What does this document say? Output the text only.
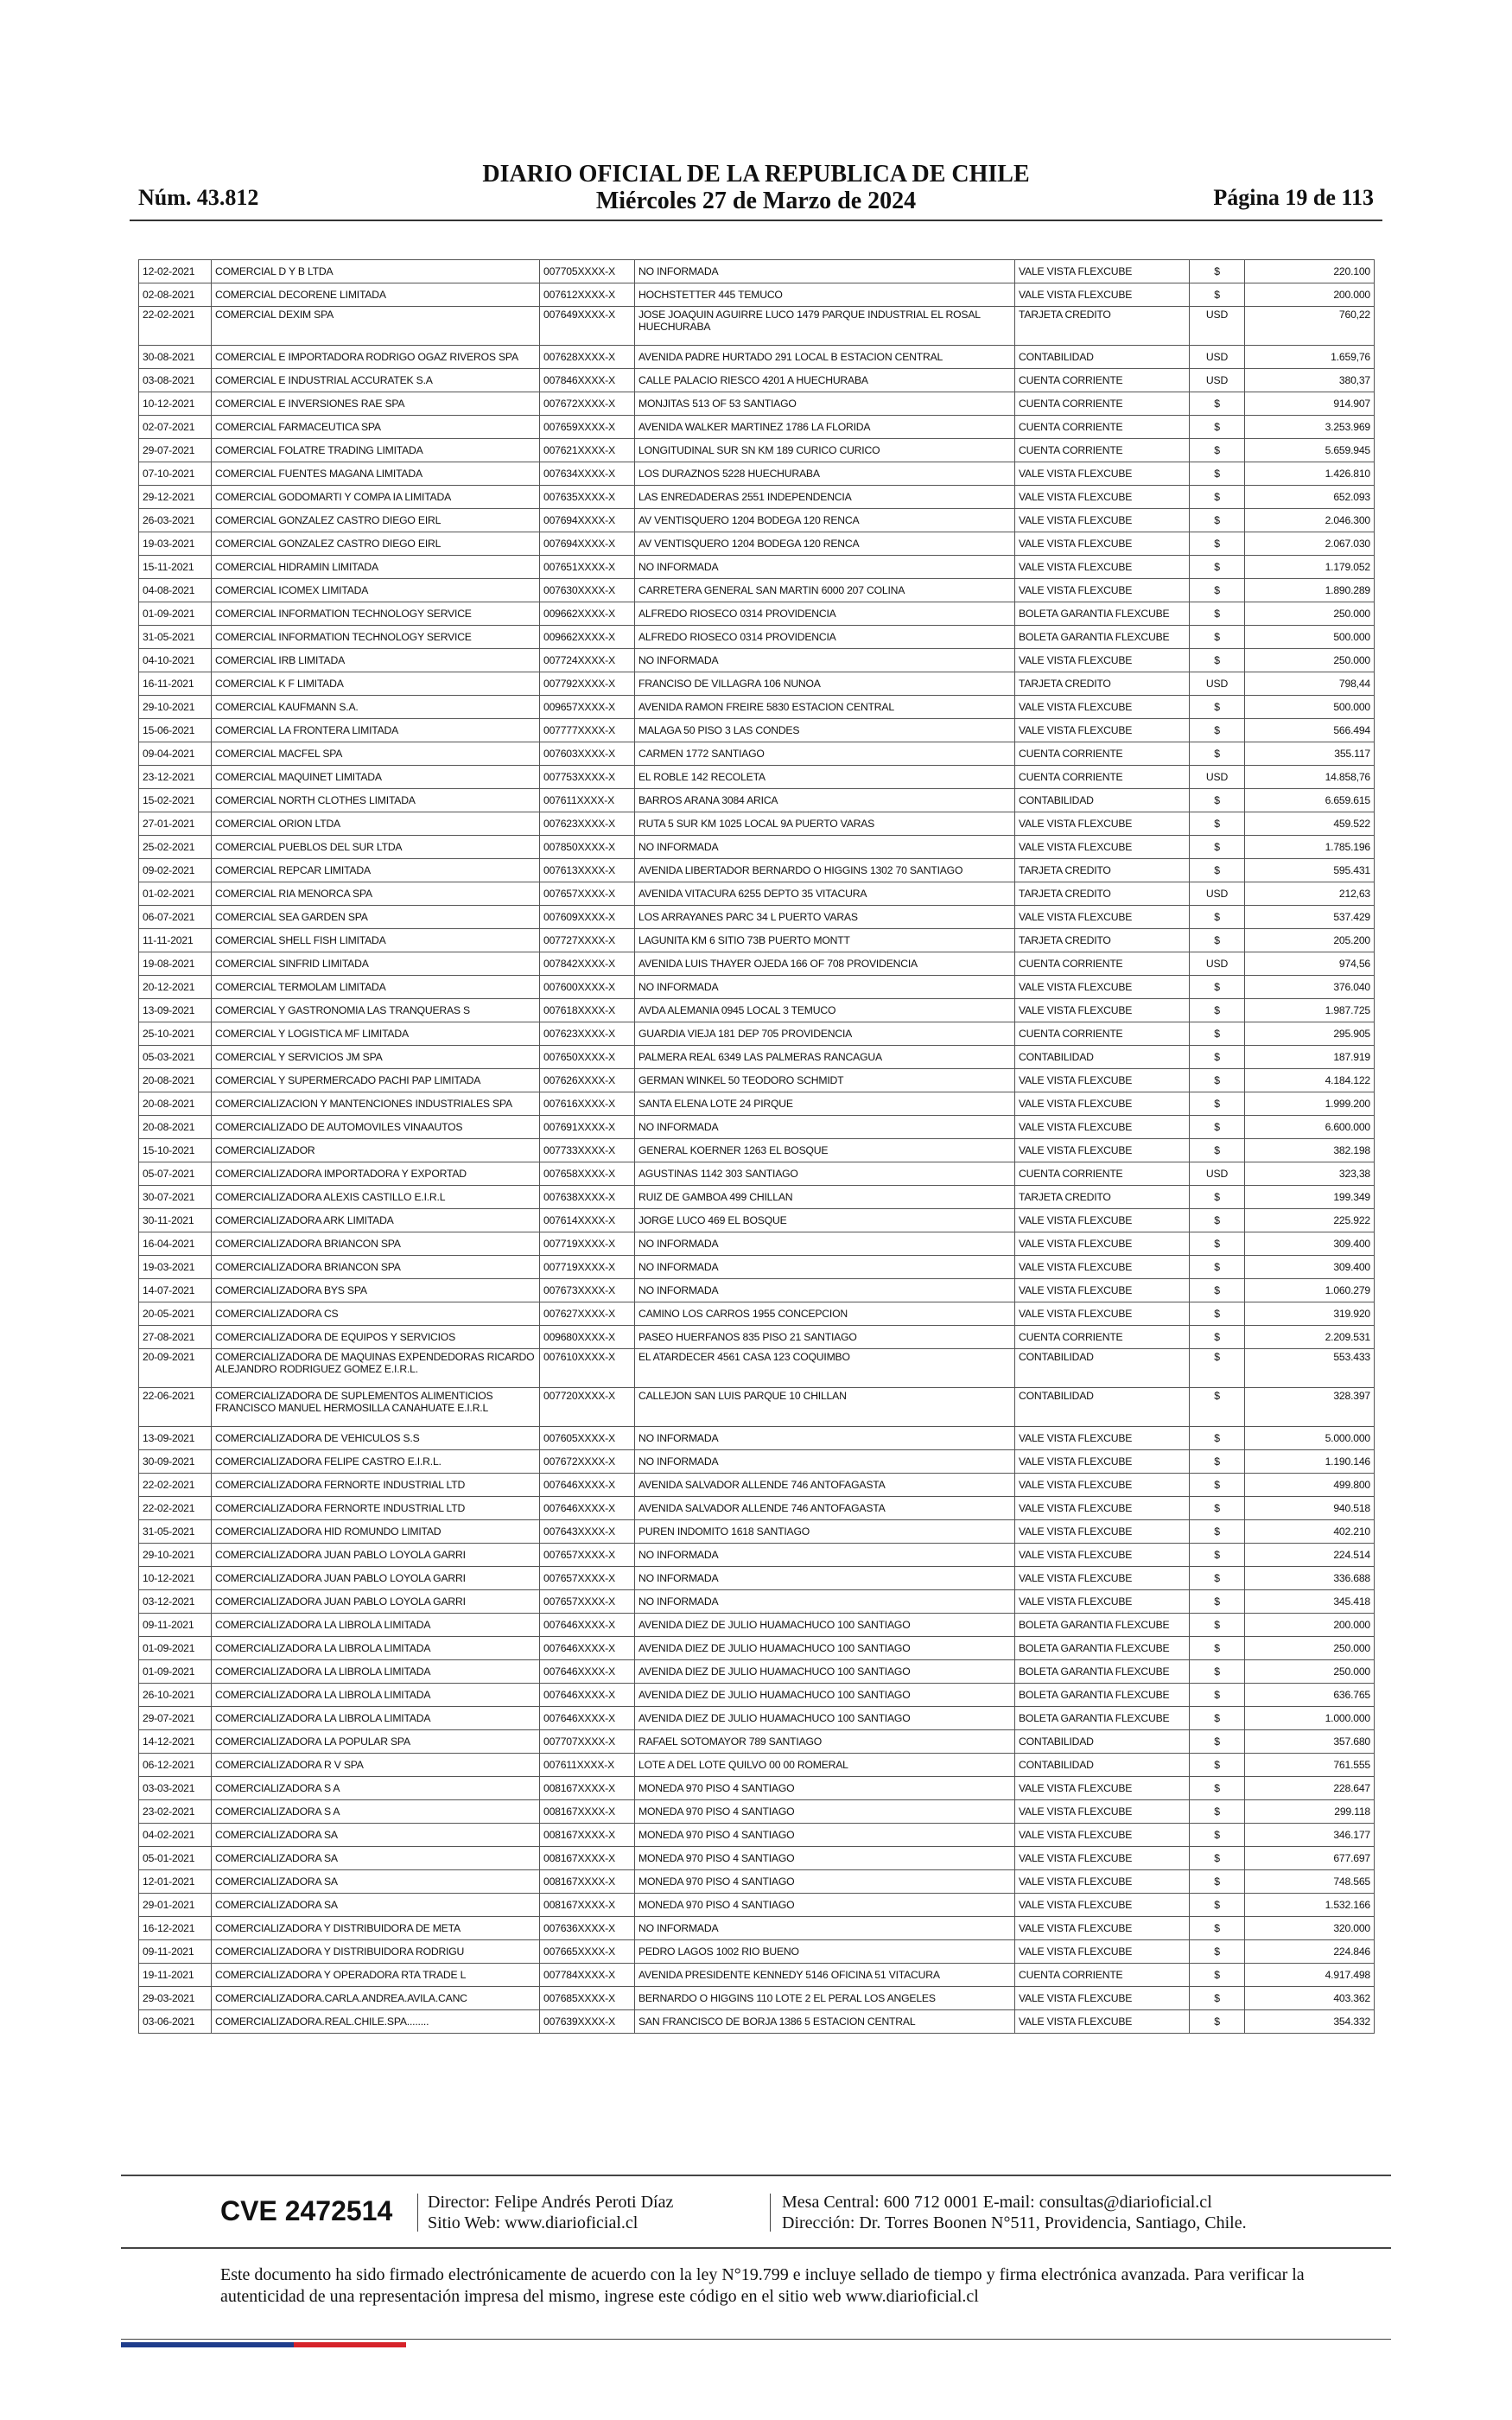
Núm. 43.812
DIARIO OFICIAL DE LA REPUBLICA DE CHILE
Miércoles 27 de Marzo de 2024	Página 19 de 113
12-02-2021	COMERCIAL D Y B LTDA	007705XXXX-X	NO INFORMADA	VALE VISTA FLEXCUBE	$	220.100
02-08-2021	COMERCIAL DECORENE LIMITADA	007612XXXX-X	HOCHSTETTER 445 TEMUCO	VALE VISTA FLEXCUBE	$	200.000
22-02-2021	COMERCIAL DEXIM SPA	007649XXXX-X	JOSE JOAQUIN AGUIRRE LUCO 1479 PARQUE INDUSTRIAL EL ROSAL HUECHURABA	TARJETA CREDITO	USD	760,22
30-08-2021	COMERCIAL E IMPORTADORA RODRIGO OGAZ RIVEROS SPA	007628XXXX-X	AVENIDA PADRE HURTADO 291 LOCAL B ESTACION CENTRAL	CONTABILIDAD	USD	1.659,76
03-08-2021	COMERCIAL E INDUSTRIAL ACCURATEK S.A	007846XXXX-X	CALLE PALACIO RIESCO 4201 A HUECHURABA	CUENTA CORRIENTE	USD	380,37
10-12-2021	COMERCIAL E INVERSIONES RAE SPA	007672XXXX-X	MONJITAS 513 OF 53 SANTIAGO	CUENTA CORRIENTE	$	914.907
02-07-2021	COMERCIAL FARMACEUTICA SPA	007659XXXX-X	AVENIDA WALKER MARTINEZ 1786 LA FLORIDA	CUENTA CORRIENTE	$	3.253.969
29-07-2021	COMERCIAL FOLATRE TRADING LIMITADA	007621XXXX-X	LONGITUDINAL SUR SN KM 189 CURICO CURICO	CUENTA CORRIENTE	$	5.659.945
07-10-2021	COMERCIAL FUENTES MAGANA LIMITADA	007634XXXX-X	LOS DURAZNOS 5228 HUECHURABA	VALE VISTA FLEXCUBE	$	1.426.810
29-12-2021	COMERCIAL GODOMARTI Y COMPA IA LIMITADA	007635XXXX-X	LAS ENREDADERAS 2551 INDEPENDENCIA	VALE VISTA FLEXCUBE	$	652.093
26-03-2021	COMERCIAL GONZALEZ CASTRO DIEGO EIRL	007694XXXX-X	AV VENTISQUERO 1204 BODEGA 120 RENCA	VALE VISTA FLEXCUBE	$	2.046.300
19-03-2021	COMERCIAL GONZALEZ CASTRO DIEGO EIRL	007694XXXX-X	AV VENTISQUERO 1204 BODEGA 120 RENCA	VALE VISTA FLEXCUBE	$	2.067.030
15-11-2021	COMERCIAL HIDRAMIN LIMITADA	007651XXXX-X	NO INFORMADA	VALE VISTA FLEXCUBE	$	1.179.052
04-08-2021	COMERCIAL ICOMEX LIMITADA	007630XXXX-X	CARRETERA GENERAL SAN MARTIN 6000 207 COLINA	VALE VISTA FLEXCUBE	$	1.890.289
01-09-2021	COMERCIAL INFORMATION TECHNOLOGY SERVICE	009662XXXX-X	ALFREDO RIOSECO 0314 PROVIDENCIA	BOLETA GARANTIA FLEXCUBE	$	250.000
31-05-2021	COMERCIAL INFORMATION TECHNOLOGY SERVICE	009662XXXX-X	ALFREDO RIOSECO 0314 PROVIDENCIA	BOLETA GARANTIA FLEXCUBE	$	500.000
04-10-2021	COMERCIAL IRB LIMITADA	007724XXXX-X	NO INFORMADA	VALE VISTA FLEXCUBE	$	250.000
16-11-2021	COMERCIAL K F LIMITADA	007792XXXX-X	FRANCISO DE VILLAGRA 106 NUNOA	TARJETA CREDITO	USD	798,44
29-10-2021	COMERCIAL KAUFMANN S.A.	009657XXXX-X	AVENIDA RAMON FREIRE 5830 ESTACION CENTRAL	VALE VISTA FLEXCUBE	$	500.000
15-06-2021	COMERCIAL LA FRONTERA LIMITADA	007777XXXX-X	MALAGA 50 PISO 3 LAS CONDES	VALE VISTA FLEXCUBE	$	566.494
09-04-2021	COMERCIAL MACFEL SPA	007603XXXX-X	CARMEN 1772 SANTIAGO	CUENTA CORRIENTE	$	355.117
23-12-2021	COMERCIAL MAQUINET LIMITADA	007753XXXX-X	EL ROBLE 142 RECOLETA	CUENTA CORRIENTE	USD	14.858,76
15-02-2021	COMERCIAL NORTH CLOTHES LIMITADA	007611XXXX-X	BARROS ARANA 3084 ARICA	CONTABILIDAD	$	6.659.615
27-01-2021	COMERCIAL ORION LTDA	007623XXXX-X	RUTA 5 SUR KM 1025 LOCAL 9A PUERTO VARAS	VALE VISTA FLEXCUBE	$	459.522
25-02-2021	COMERCIAL PUEBLOS DEL SUR LTDA	007850XXXX-X	NO INFORMADA	VALE VISTA FLEXCUBE	$	1.785.196
09-02-2021	COMERCIAL REPCAR LIMITADA	007613XXXX-X	AVENIDA LIBERTADOR BERNARDO O HIGGINS 1302 70 SANTIAGO	TARJETA CREDITO	$	595.431
01-02-2021	COMERCIAL RIA MENORCA SPA	007657XXXX-X	AVENIDA VITACURA 6255 DEPTO 35 VITACURA	TARJETA CREDITO	USD	212,63
06-07-2021	COMERCIAL SEA GARDEN SPA	007609XXXX-X	LOS ARRAYANES PARC 34 L PUERTO VARAS	VALE VISTA FLEXCUBE	$	537.429
11-11-2021	COMERCIAL SHELL FISH LIMITADA	007727XXXX-X	LAGUNITA KM 6 SITIO 73B PUERTO MONTT	TARJETA CREDITO	$	205.200
19-08-2021	COMERCIAL SINFRID LIMITADA	007842XXXX-X	AVENIDA LUIS THAYER OJEDA 166 OF 708 PROVIDENCIA	CUENTA CORRIENTE	USD	974,56
20-12-2021	COMERCIAL TERMOLAM LIMITADA	007600XXXX-X	NO INFORMADA	VALE VISTA FLEXCUBE	$	376.040
13-09-2021	COMERCIAL Y GASTRONOMIA LAS TRANQUERAS S	007618XXXX-X	AVDA ALEMANIA 0945 LOCAL 3 TEMUCO	VALE VISTA FLEXCUBE	$	1.987.725
25-10-2021	COMERCIAL Y LOGISTICA MF LIMITADA	007623XXXX-X	GUARDIA VIEJA 181 DEP 705 PROVIDENCIA	CUENTA CORRIENTE	$	295.905
05-03-2021	COMERCIAL Y SERVICIOS JM SPA	007650XXXX-X	PALMERA REAL 6349 LAS PALMERAS RANCAGUA	CONTABILIDAD	$	187.919
20-08-2021	COMERCIAL Y SUPERMERCADO PACHI PAP LIMITADA	007626XXXX-X	GERMAN WINKEL 50 TEODORO SCHMIDT	VALE VISTA FLEXCUBE	$	4.184.122
20-08-2021	COMERCIALIZACION Y MANTENCIONES INDUSTRIALES SPA	007616XXXX-X	SANTA ELENA LOTE 24 PIRQUE	VALE VISTA FLEXCUBE	$	1.999.200
20-08-2021	COMERCIALIZADO DE AUTOMOVILES VINAAUTOS	007691XXXX-X	NO INFORMADA	VALE VISTA FLEXCUBE	$	6.600.000
15-10-2021	COMERCIALIZADOR	007733XXXX-X	GENERAL KOERNER 1263 EL BOSQUE	VALE VISTA FLEXCUBE	$	382.198
05-07-2021	COMERCIALIZADORA IMPORTADORA Y EXPORTAD	007658XXXX-X	AGUSTINAS 1142 303 SANTIAGO	CUENTA CORRIENTE	USD	323,38
30-07-2021	COMERCIALIZADORA ALEXIS CASTILLO E.I.R.L	007638XXXX-X	RUIZ DE GAMBOA 499 CHILLAN	TARJETA CREDITO	$	199.349
30-11-2021	COMERCIALIZADORA ARK LIMITADA	007614XXXX-X	JORGE LUCO 469 EL BOSQUE	VALE VISTA FLEXCUBE	$	225.922
16-04-2021	COMERCIALIZADORA BRIANCON SPA	007719XXXX-X	NO INFORMADA	VALE VISTA FLEXCUBE	$	309.400
19-03-2021	COMERCIALIZADORA BRIANCON SPA	007719XXXX-X	NO INFORMADA	VALE VISTA FLEXCUBE	$	309.400
14-07-2021	COMERCIALIZADORA BYS SPA	007673XXXX-X	NO INFORMADA	VALE VISTA FLEXCUBE	$	1.060.279
20-05-2021	COMERCIALIZADORA CS	007627XXXX-X	CAMINO LOS CARROS 1955 CONCEPCION	VALE VISTA FLEXCUBE	$	319.920
27-08-2021	COMERCIALIZADORA DE EQUIPOS Y SERVICIOS	009680XXXX-X	PASEO HUERFANOS 835 PISO 21 SANTIAGO	CUENTA CORRIENTE	$	2.209.531
20-09-2021	COMERCIALIZADORA DE MAQUINAS EXPENDEDORAS RICARDO ALEJANDRO RODRIGUEZ GOMEZ E.I.R.L.	007610XXXX-X	EL ATARDECER 4561 CASA 123 COQUIMBO	CONTABILIDAD	$	553.433
22-06-2021	COMERCIALIZADORA DE SUPLEMENTOS ALIMENTICIOS FRANCISCO MANUEL HERMOSILLA CANAHUATE E.I.R.L	007720XXXX-X	CALLEJON SAN LUIS PARQUE 10 CHILLAN	CONTABILIDAD	$	328.397
13-09-2021	COMERCIALIZADORA DE VEHICULOS S.S	007605XXXX-X	NO INFORMADA	VALE VISTA FLEXCUBE	$	5.000.000
30-09-2021	COMERCIALIZADORA FELIPE CASTRO E.I.R.L.	007672XXXX-X	NO INFORMADA	VALE VISTA FLEXCUBE	$	1.190.146
22-02-2021	COMERCIALIZADORA FERNORTE INDUSTRIAL LTD	007646XXXX-X	AVENIDA SALVADOR ALLENDE 746 ANTOFAGASTA	VALE VISTA FLEXCUBE	$	499.800
22-02-2021	COMERCIALIZADORA FERNORTE INDUSTRIAL LTD	007646XXXX-X	AVENIDA SALVADOR ALLENDE 746 ANTOFAGASTA	VALE VISTA FLEXCUBE	$	940.518
31-05-2021	COMERCIALIZADORA HID ROMUNDO LIMITAD	007643XXXX-X	PUREN INDOMITO 1618 SANTIAGO	VALE VISTA FLEXCUBE	$	402.210
29-10-2021	COMERCIALIZADORA JUAN PABLO LOYOLA GARRI	007657XXXX-X	NO INFORMADA	VALE VISTA FLEXCUBE	$	224.514
10-12-2021	COMERCIALIZADORA JUAN PABLO LOYOLA GARRI	007657XXXX-X	NO INFORMADA	VALE VISTA FLEXCUBE	$	336.688
03-12-2021	COMERCIALIZADORA JUAN PABLO LOYOLA GARRI	007657XXXX-X	NO INFORMADA	VALE VISTA FLEXCUBE	$	345.418
09-11-2021	COMERCIALIZADORA LA LIBROLA LIMITADA	007646XXXX-X	AVENIDA DIEZ DE JULIO HUAMACHUCO 100 SANTIAGO	BOLETA GARANTIA FLEXCUBE	$	200.000
01-09-2021	COMERCIALIZADORA LA LIBROLA LIMITADA	007646XXXX-X	AVENIDA DIEZ DE JULIO HUAMACHUCO 100 SANTIAGO	BOLETA GARANTIA FLEXCUBE	$	250.000
01-09-2021	COMERCIALIZADORA LA LIBROLA LIMITADA	007646XXXX-X	AVENIDA DIEZ DE JULIO HUAMACHUCO 100 SANTIAGO	BOLETA GARANTIA FLEXCUBE	$	250.000
26-10-2021	COMERCIALIZADORA LA LIBROLA LIMITADA	007646XXXX-X	AVENIDA DIEZ DE JULIO HUAMACHUCO 100 SANTIAGO	BOLETA GARANTIA FLEXCUBE	$	636.765
29-07-2021	COMERCIALIZADORA LA LIBROLA LIMITADA	007646XXXX-X	AVENIDA DIEZ DE JULIO HUAMACHUCO 100 SANTIAGO	BOLETA GARANTIA FLEXCUBE	$	1.000.000
14-12-2021	COMERCIALIZADORA LA POPULAR SPA	007707XXXX-X	RAFAEL SOTOMAYOR 789 SANTIAGO	CONTABILIDAD	$	357.680
06-12-2021	COMERCIALIZADORA R V SPA	007611XXXX-X	LOTE A DEL LOTE QUILVO 00 00 ROMERAL	CONTABILIDAD	$	761.555
03-03-2021	COMERCIALIZADORA S A	008167XXXX-X	MONEDA 970 PISO 4 SANTIAGO	VALE VISTA FLEXCUBE	$	228.647
23-02-2021	COMERCIALIZADORA S A	008167XXXX-X	MONEDA 970 PISO 4 SANTIAGO	VALE VISTA FLEXCUBE	$	299.118
04-02-2021	COMERCIALIZADORA SA	008167XXXX-X	MONEDA 970 PISO 4 SANTIAGO	VALE VISTA FLEXCUBE	$	346.177
05-01-2021	COMERCIALIZADORA SA	008167XXXX-X	MONEDA 970 PISO 4 SANTIAGO	VALE VISTA FLEXCUBE	$	677.697
12-01-2021	COMERCIALIZADORA SA	008167XXXX-X	MONEDA 970 PISO 4 SANTIAGO	VALE VISTA FLEXCUBE	$	748.565
29-01-2021	COMERCIALIZADORA SA	008167XXXX-X	MONEDA 970 PISO 4 SANTIAGO	VALE VISTA FLEXCUBE	$	1.532.166
16-12-2021	COMERCIALIZADORA Y DISTRIBUIDORA DE META	007636XXXX-X	NO INFORMADA	VALE VISTA FLEXCUBE	$	320.000
09-11-2021	COMERCIALIZADORA Y DISTRIBUIDORA RODRIGU	007665XXXX-X	PEDRO LAGOS 1002 RIO BUENO	VALE VISTA FLEXCUBE	$	224.846
19-11-2021	COMERCIALIZADORA Y OPERADORA RTA TRADE L	007784XXXX-X	AVENIDA PRESIDENTE KENNEDY 5146 OFICINA 51 VITACURA	CUENTA CORRIENTE	$	4.917.498
29-03-2021	COMERCIALIZADORA.CARLA.ANDREA.AVILA.CANC	007685XXXX-X	BERNARDO O HIGGINS 110 LOTE 2 EL PERAL LOS ANGELES	VALE VISTA FLEXCUBE	$	403.362
03-06-2021	COMERCIALIZADORA.REAL.CHILE.SPA........	007639XXXX-X	SAN FRANCISCO DE BORJA 1386 5 ESTACION CENTRAL	VALE VISTA FLEXCUBE	$	354.332
CVE 2472514 Director: Felipe Andrés Peroti Díaz
Sitio Web: www.diarioficial.cl
Mesa Central: 600 712 0001 E-mail: consultas@diarioficial.cl
Dirección: Dr. Torres Boonen N°511, Providencia, Santiago, Chile.
Este documento ha sido firmado electrónicamente de acuerdo con la ley N°19.799 e incluye sellado de tiempo y firma electrónica avanzada. Para verificar la autenticidad de una representación impresa del mismo, ingrese este código en el sitio web www.diarioficial.cl
